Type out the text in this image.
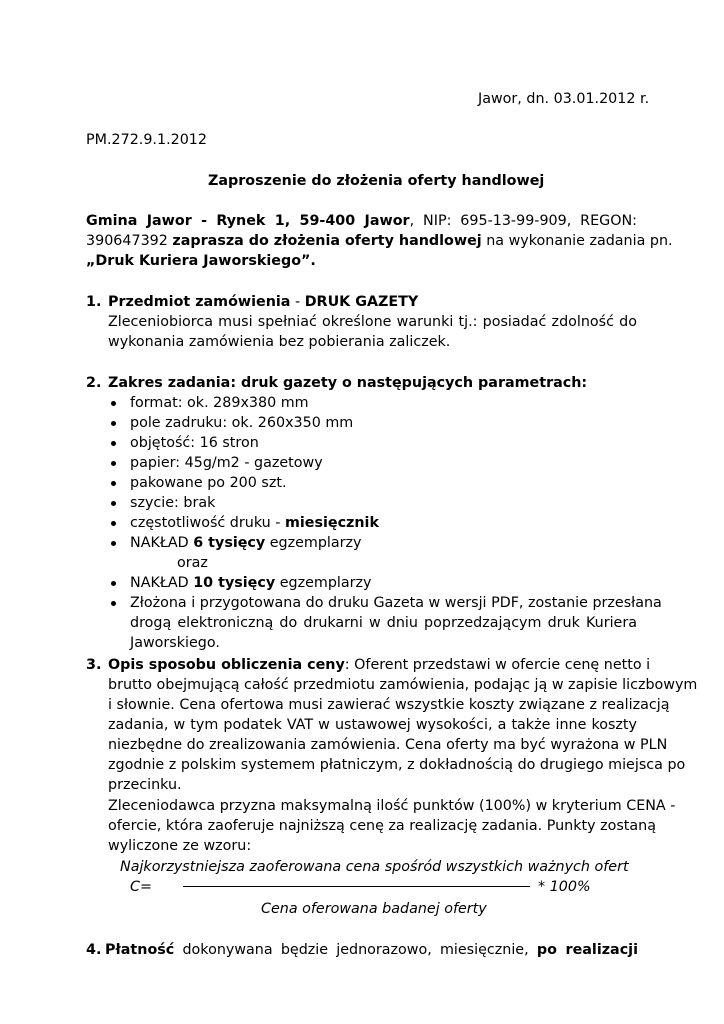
Jawor, dn. 03.01.2012 r.
PM.272.9.1.2012
Zaproszenie do złożenia oferty handlowej
Gmina Jawor - Rynek 1, 59-400 Jawor, NIP: 695-13-99-909, REGON:
390647392 zaprasza do złożenia oferty handlowej na wykonanie zadania pn.
„Druk Kuriera Jaworskiego”.
1. Przedmiot zamówienia - DRUK GAZETY
Zleceniobiorca musi spełniać określone warunki tj.: posiadać zdolność do
wykonania zamówienia bez pobierania zaliczek.
2. Zakres zadania: druk gazety o następujących parametrach:
format: ok. 289x380 mm
pole zadruku: ok. 260x350 mm
objętość: 16 stron
papier: 45g/m2 - gazetowy
pakowane po 200 szt.
szycie: brak
częstotliwość druku - miesięcznik
NAKŁAD 6 tysięcy egzemplarzy
oraz
NAKŁAD 10 tysięcy egzemplarzy
Złożona i przygotowana do druku Gazeta w wersji PDF, zostanie przesłana
drogą elektroniczną do drukarni w dniu poprzedzającym druk Kuriera
Jaworskiego.
3. Opis sposobu obliczenia ceny: Oferent przedstawi w ofercie cenę netto i
brutto obejmującą całość przedmiotu zamówienia, podając ją w zapisie liczbowym
i słownie. Cena ofertowa musi zawierać wszystkie koszty związane z realizacją
zadania, w tym podatek VAT w ustawowej wysokości, a także inne koszty
niezbędne do zrealizowania zamówienia. Cena oferty ma być wyrażona w PLN
zgodnie z polskim systemem płatniczym, z dokładnością do drugiego miejsca po
przecinku.
Zleceniodawca przyzna maksymalną ilość punktów (100%) w kryterium CENA -
ofercie, która zaoferuje najniższą cenę za realizację zadania. Punkty zostaną
wyliczone ze wzoru:
Najkorzystniejsza zaoferowana cena spośród wszystkich ważnych ofert
C=	* 100%
Cena oferowana badanej oferty
4. Płatność dokonywana będzie jednorazowo, miesięcznie, po realizacji
